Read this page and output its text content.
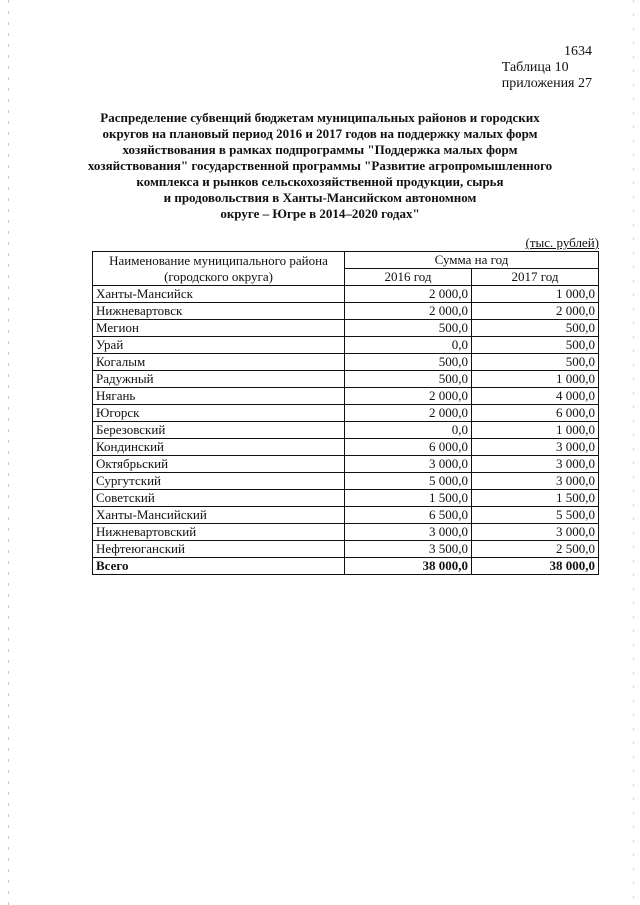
1634
Таблица 10
приложения 27
Распределение субвенций бюджетам муниципальных районов и городских
округов на плановый период 2016 и 2017 годов на поддержку малых форм
хозяйствования в рамках подпрограммы "Поддержка малых форм
хозяйствования" государственной программы "Развитие агропромышленного
комплекса и рынков сельскохозяйственной продукции, сырья
и продовольствия в Ханты-Мансийском автономном
округе – Югре в 2014–2020 годах"
(тыс. рублей)
Наименование муниципального района
(городского округа)	Сумма на год	
	2016 год	2017 год
Ханты-Мансийск	2 000,0	1 000,0
Нижневартовск	2 000,0	2 000,0
Мегион	500,0	500,0
Урай	0,0	500,0
Когалым	500,0	500,0
Радужный	500,0	1 000,0
Нягань	2 000,0	4 000,0
Югорск	2 000,0	6 000,0
Березовский	0,0	1 000,0
Кондинский	6 000,0	3 000,0
Октябрьский	3 000,0	3 000,0
Сургутский	5 000,0	3 000,0
Советский	1 500,0	1 500,0
Ханты-Мансийский	6 500,0	5 500,0
Нижневартовский	3 000,0	3 000,0
Нефтеюганский	3 500,0	2 500,0
Всего	38 000,0	38 000,0
